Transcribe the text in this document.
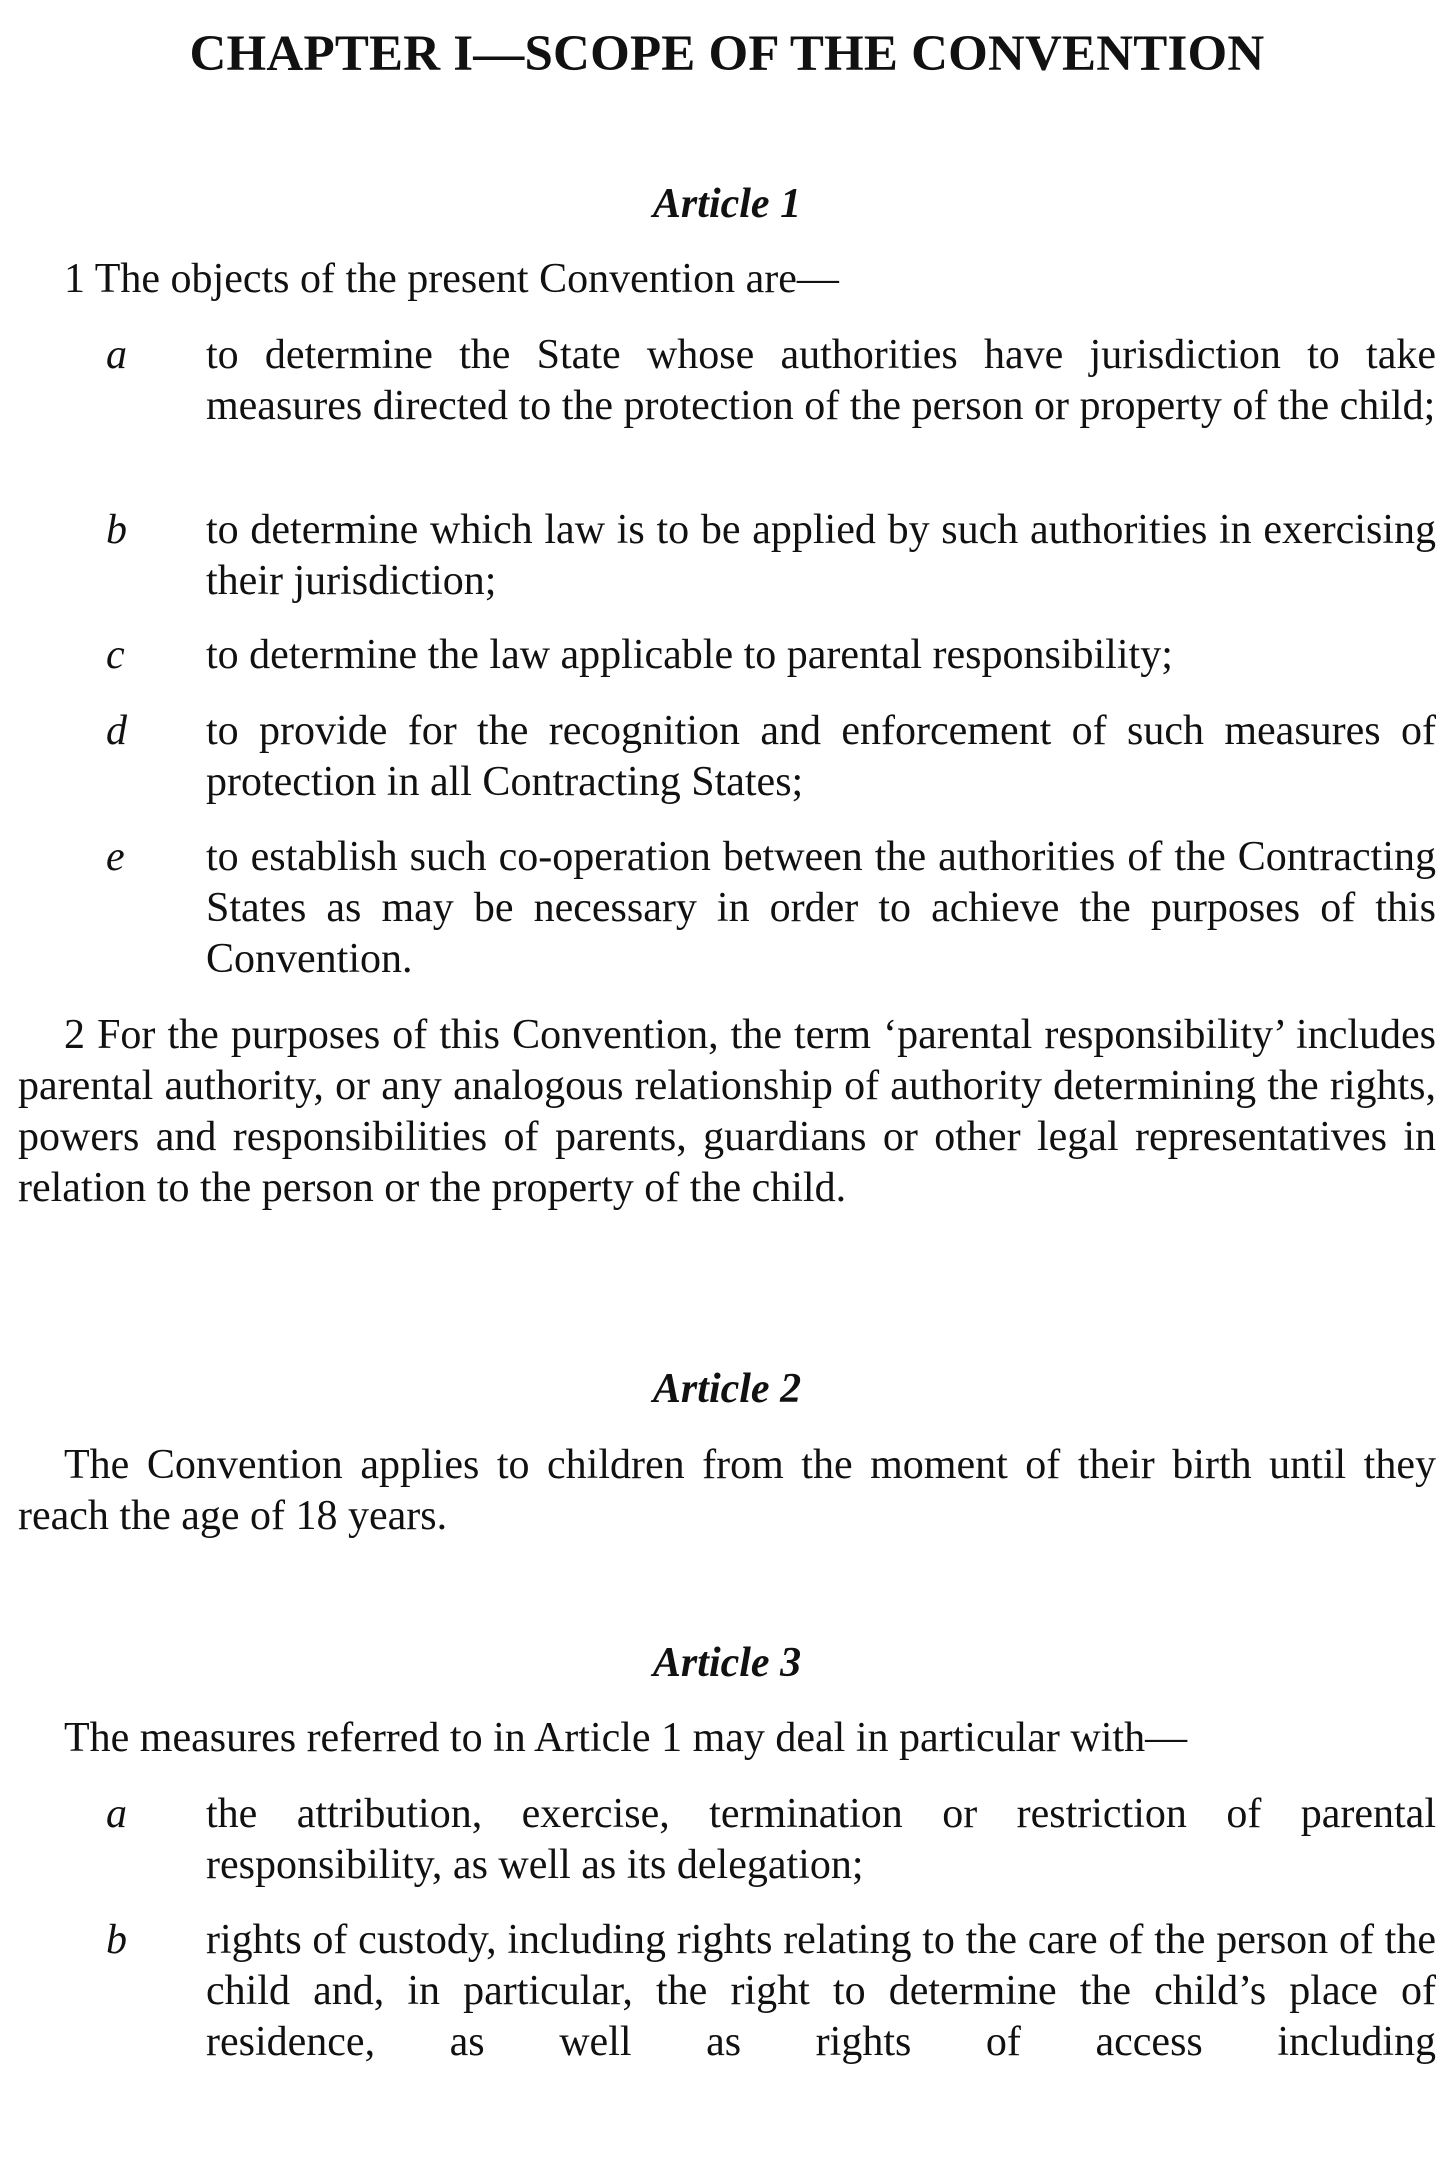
CHAPTER I—SCOPE OF THE CONVENTION
Article 1
1 The objects of the present Convention are—
a to determine the State whose authorities have jurisdiction to take measures directed to the protection of the person or property of the child;
b to determine which law is to be applied by such authorities in exercising their jurisdiction;
c to determine the law applicable to parental responsibility;
d to provide for the recognition and enforcement of such measures of protection in all Contracting States;
e to establish such co-operation between the authorities of the Contracting States as may be necessary in order to achieve the purposes of this Convention.
2 For the purposes of this Convention, the term ‘parental responsibility’ includes parental authority, or any analogous relationship of authority determining the rights, powers and responsibilities of parents, guardians or other legal representatives in relation to the person or the property of the child.
Article 2
The Convention applies to children from the moment of their birth until they reach the age of 18 years.
Article 3
The measures referred to in Article 1 may deal in particular with—
a the attribution, exercise, termination or restriction of parental responsibility, as well as its delegation;
b rights of custody, including rights relating to the care of the person of the child and, in particular, the right to determine the child’s place of residence, as well as rights of access including
